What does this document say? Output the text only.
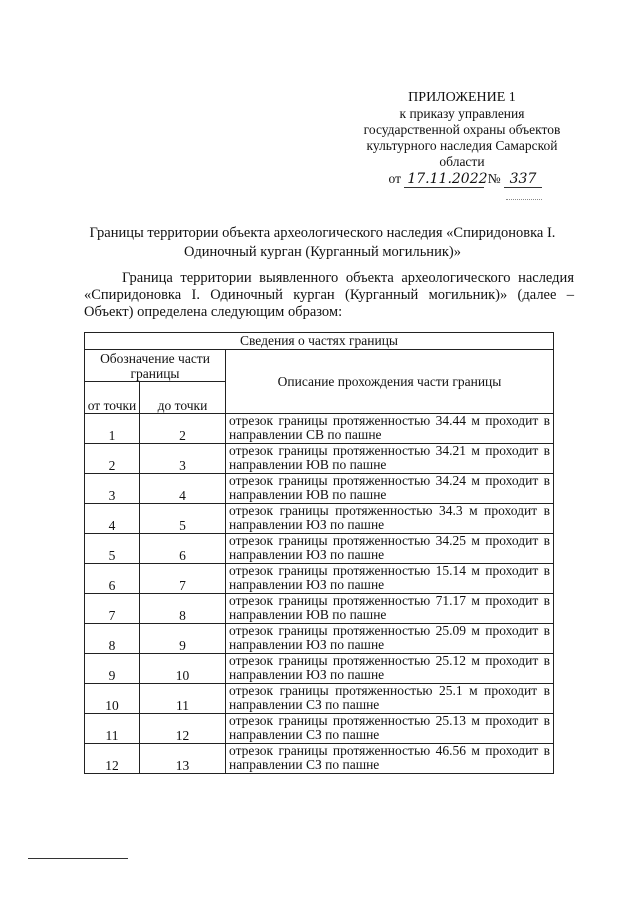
ПРИЛОЖЕНИЕ 1
к приказу управления
государственной охраны объектов
культурного наследия Самарской
области
от 17.11.2022 № 337
Границы территории объекта археологического наследия «Спиридоновка I. Одиночный курган (Курганный могильник)»
Граница территории выявленного объекта археологического наследия «Спиридоновка I. Одиночный курган (Курганный могильник)» (далее – Объект) определена следующим образом:
Сведения о частях границы		
Обозначение части границы		Описание прохождения части границы
от точки	до точки	
1	2	отрезок границы протяженностью 34.44 м проходит в направлении СВ по пашне
2	3	отрезок границы протяженностью 34.21 м проходит в направлении ЮВ по пашне
3	4	отрезок границы протяженностью 34.24 м проходит в направлении ЮВ по пашне
4	5	отрезок границы протяженностью 34.3 м проходит в направлении ЮЗ по пашне
5	6	отрезок границы протяженностью 34.25 м проходит в направлении ЮЗ по пашне
6	7	отрезок границы протяженностью 15.14 м проходит в направлении ЮЗ по пашне
7	8	отрезок границы протяженностью 71.17 м проходит в направлении ЮВ по пашне
8	9	отрезок границы протяженностью 25.09 м проходит в направлении ЮЗ по пашне
9	10	отрезок границы протяженностью 25.12 м проходит в направлении ЮЗ по пашне
10	11	отрезок границы протяженностью 25.1 м проходит в направлении СЗ по пашне
11	12	отрезок границы протяженностью 25.13 м проходит в направлении СЗ по пашне
12	13	отрезок границы протяженностью 46.56 м проходит в направлении СЗ по пашне
